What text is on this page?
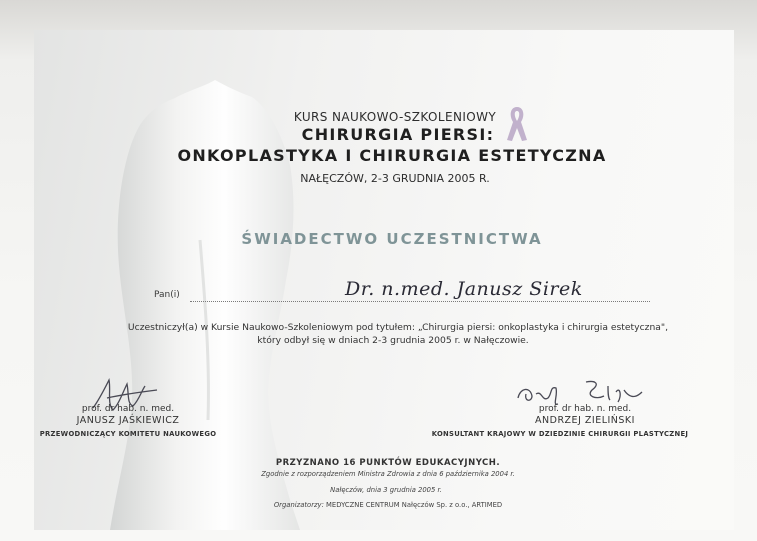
KURS NAUKOWO-SZKOLENIOWY
CHIRURGIA PIERSI:
ONKOPLASTYKA I CHIRURGIA ESTETYCZNA
NAŁĘCZÓW, 2-3 GRUDNIA 2005 R.
ŚWIADECTWO UCZESTNICTWA
Pan(i)	Dr. n.med. Janusz Sirek
Uczestniczył(a) w Kursie Naukowo-Szkoleniowym pod tytułem: „Chirurgia piersi: onkoplastyka i chirurgia estetyczna",
który odbył się w dniach 2-3 grudnia 2005 r. w Nałęczowie.
prof. dr hab. n. med.
JANUSZ JAŚKIEWICZ
PRZEWODNICZĄCY KOMITETU NAUKOWEGO
prof. dr hab. n. med.
ANDRZEJ ZIELIŃSKI
KONSULTANT KRAJOWY W DZIEDZINIE CHIRURGII PLASTYCZNEJ
PRZYZNANO 16 PUNKTÓW EDUKACYJNYCH.
Zgodnie z rozporządzeniem Ministra Zdrowia z dnia 6 października 2004 r.
Nałęczów, dnia 3 grudnia 2005 r.
Organizatorzy: MEDYCZNE CENTRUM Nałęczów Sp. z o.o., ARTIMED
